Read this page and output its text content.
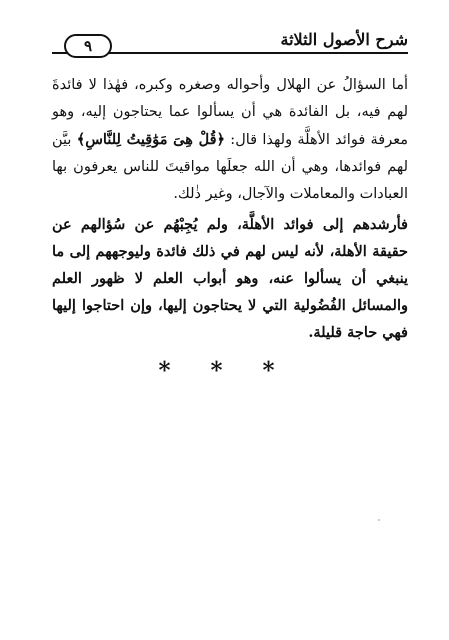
شرح الأصول الثلاثة
٩

أما السؤالُ عن الهلال وأحواله وصغره وكبره، فهٰذا لا فائدةَ لهم فيه، بل الفائدة هي أن يسألوا عما يحتاجون إليه، وهو معرفة فوائد الأهلَّة ولهذا قال: ﴿قُلْ هِىَ مَوَٰقِيتُ لِلنَّاسِ﴾ بيَّن لهم فوائدها، وهي أن الله جعلَها مواقيتَ للناس يعرفون بها العبادات والمعاملات والآجال، وغير ذٰلك.

فأرشدهم إلى فوائد الأهلَّة، ولم يُجِبْهُم عن سُؤالهم عن حقيقة الأهلة، لأنه ليس لهم في ذلك فائدة وليوجههم إلى ما ينبغي أن يسألوا عنه، وهو أبواب العلم لا ظهور العلم والمسائل الفُضُولية التي لا يحتاجون إليها، وإن احتاجوا إليها فهي حاجة قليلة.

* * *
